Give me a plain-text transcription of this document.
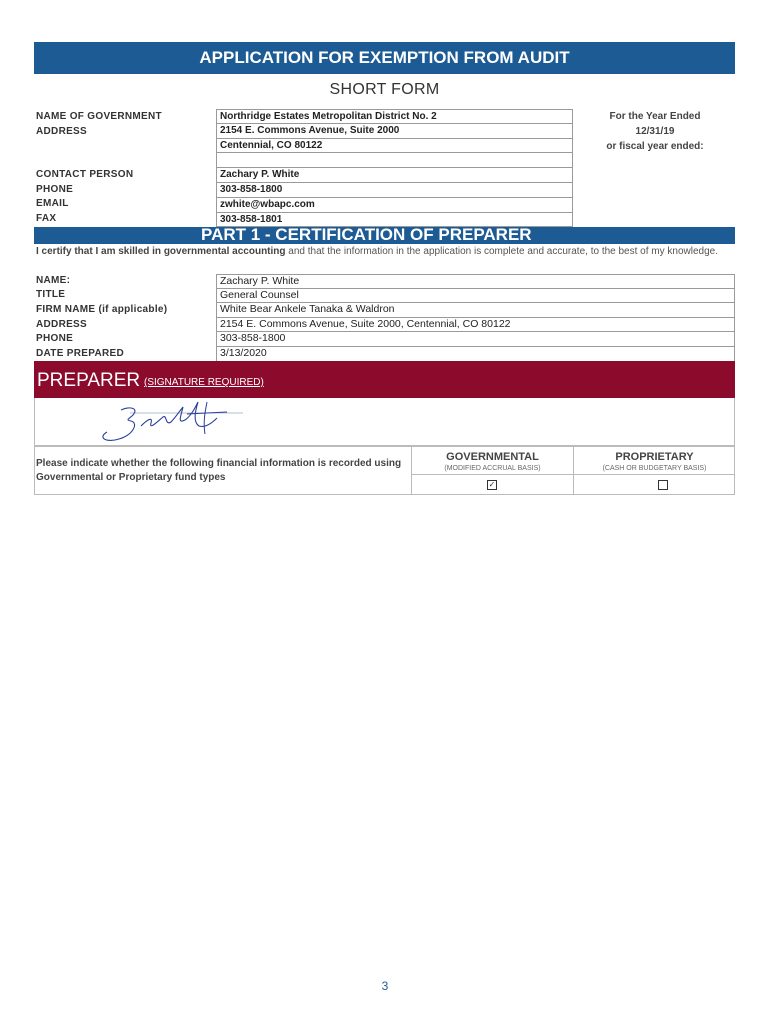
APPLICATION FOR EXEMPTION FROM AUDIT
SHORT FORM
NAME OF GOVERNMENT
ADDRESS
CONTACT PERSON
PHONE
EMAIL
FAX
Northridge Estates Metropolitan District No. 2
2154 E. Commons Avenue, Suite 2000
Centennial, CO 80122
Zachary P. White
303-858-1800
zwhite@wbapc.com
303-858-1801
For the Year Ended
12/31/19
or fiscal year ended:
PART 1 - CERTIFICATION OF PREPARER
I certify that I am skilled in governmental accounting and that the information in the application is complete and accurate, to the best of my knowledge.
NAME:
TITLE
FIRM NAME (if applicable)
ADDRESS
PHONE
DATE PREPARED
Zachary P. White
General Counsel
White Bear Ankele Tanaka & Waldron
2154 E. Commons Avenue, Suite 2000, Centennial, CO 80122
303-858-1800
3/13/2020
PREPARER (SIGNATURE REQUIRED)
Please indicate whether the following financial information is recorded using Governmental or Proprietary fund types
GOVERNMENTAL
(MODIFIED ACCRUAL BASIS)
✓
PROPRIETARY
(CASH OR BUDGETARY BASIS)
3
